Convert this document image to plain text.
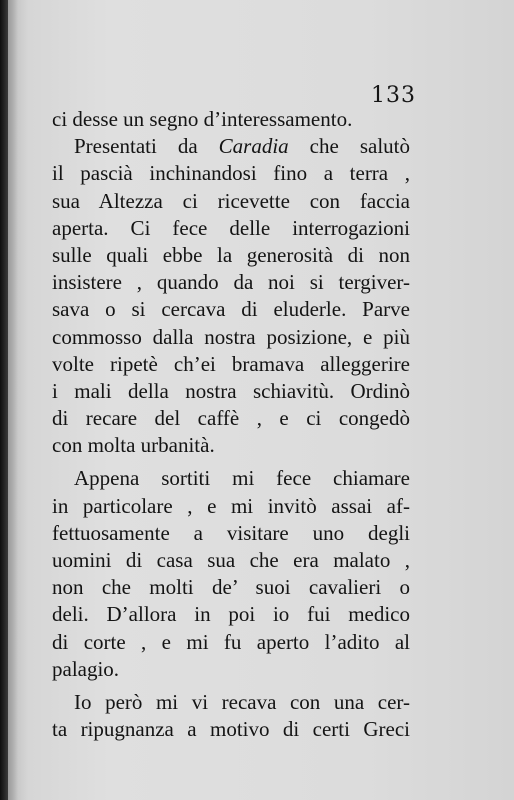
133
ci desse un segno d’interessamento.
Presentati da Caradia che salutò
il pascià inchinandosi fino a terra ,
sua Altezza ci ricevette con faccia
aperta. Ci fece delle interrogazioni
sulle quali ebbe la generosità di non
insistere , quando da noi si tergiver-
sava o si cercava di eluderle. Parve
commosso dalla nostra posizione, e più
volte ripetè ch’ei bramava alleggerire
i mali della nostra schiavitù. Ordinò
di recare del caffè , e ci congedò
con molta urbanità.
Appena sortiti mi fece chiamare
in particolare , e mi invitò assai af-
fettuosamente a visitare uno degli
uomini di casa sua che era malato ,
non che molti de’ suoi cavalieri o
deli. D’allora in poi io fui medico
di corte , e mi fu aperto l’adito al
palagio.
Io però mi vi recava con una cer-
ta ripugnanza a motivo di certi Greci
